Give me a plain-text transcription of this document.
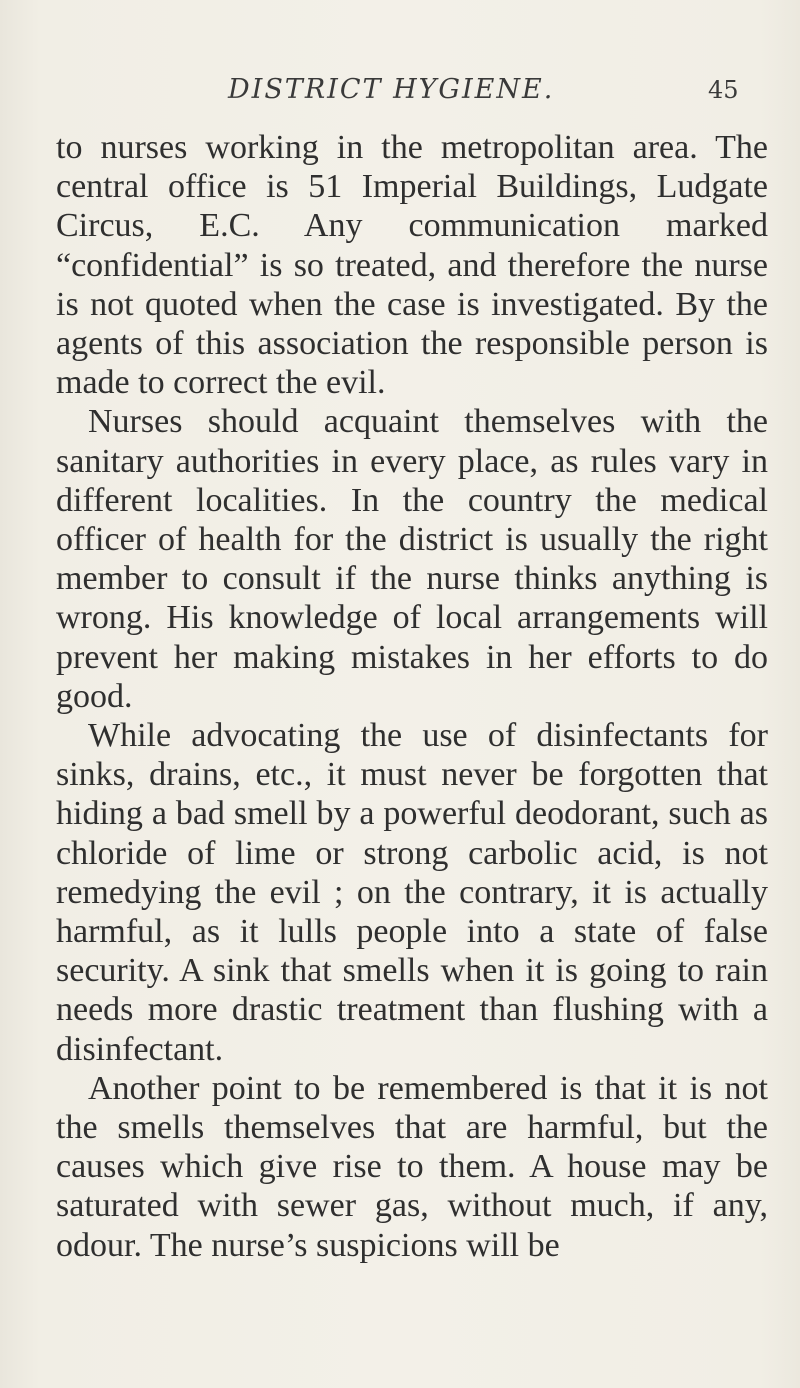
DISTRICT HYGIENE.	45

to nurses working in the metropolitan area. The central office is 51 Imperial Buildings, Ludgate Circus, E.C. Any communication marked “confidential” is so treated, and therefore the nurse is not quoted when the case is investigated. By the agents of this association the responsible person is made to correct the evil.

Nurses should acquaint themselves with the sanitary authorities in every place, as rules vary in different localities. In the country the medical officer of health for the district is usually the right member to consult if the nurse thinks anything is wrong. His knowledge of local arrangements will prevent her making mistakes in her efforts to do good.

While advocating the use of disinfectants for sinks, drains, etc., it must never be forgotten that hiding a bad smell by a powerful deodorant, such as chloride of lime or strong carbolic acid, is not remedying the evil ; on the contrary, it is actually harmful, as it lulls people into a state of false security. A sink that smells when it is going to rain needs more drastic treatment than flushing with a disinfectant.

Another point to be remembered is that it is not the smells themselves that are harmful, but the causes which give rise to them. A house may be saturated with sewer gas, without much, if any, odour. The nurse’s suspicions will be
